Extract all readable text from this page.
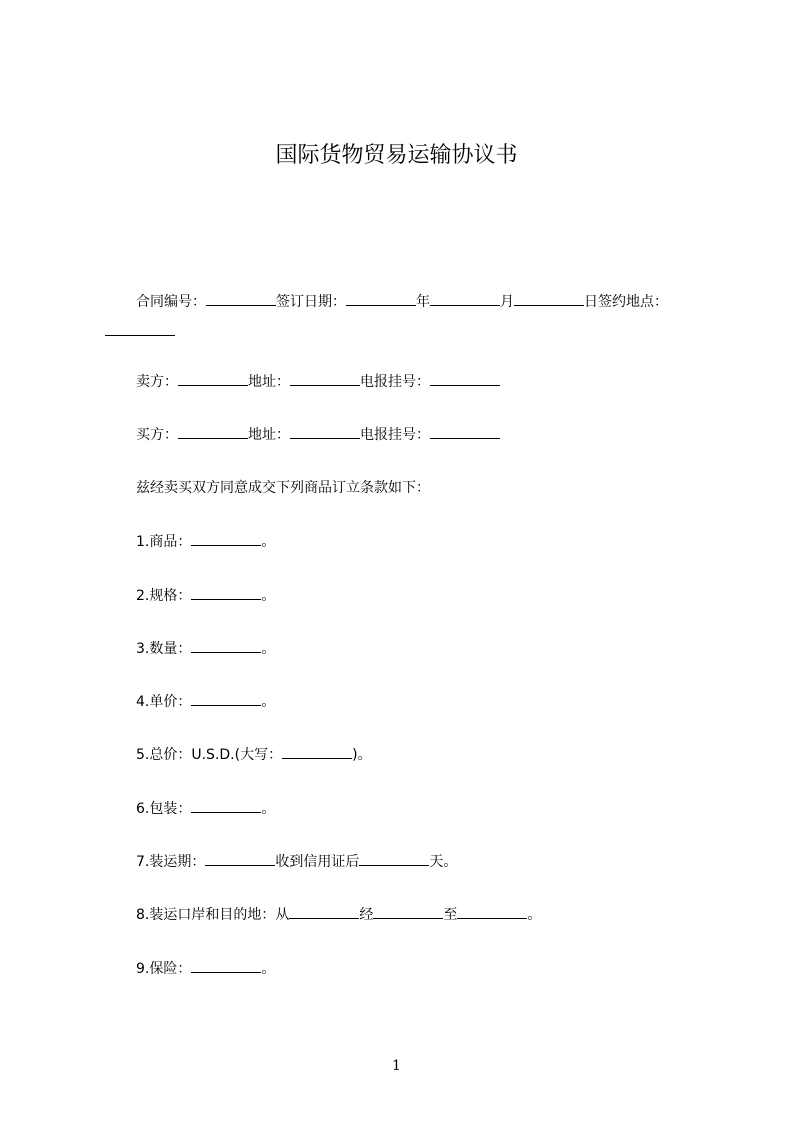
国际货物贸易运输协议书
合同编号：	签订日期：	年	月	日签约地点：
卖方：	地址：	电报挂号：
买方：	地址：	电报挂号：
兹经卖买双方同意成交下列商品订立条款如下：
1.商品：	。
2.规格：	。
3.数量：	。
4.单价：	。
5.总价：U.S.D.(大写：	)。
6.包装：	。
7.装运期：	收到信用证后	天。
8.装运口岸和目的地：从	经	至	。
9.保险：	。
1
